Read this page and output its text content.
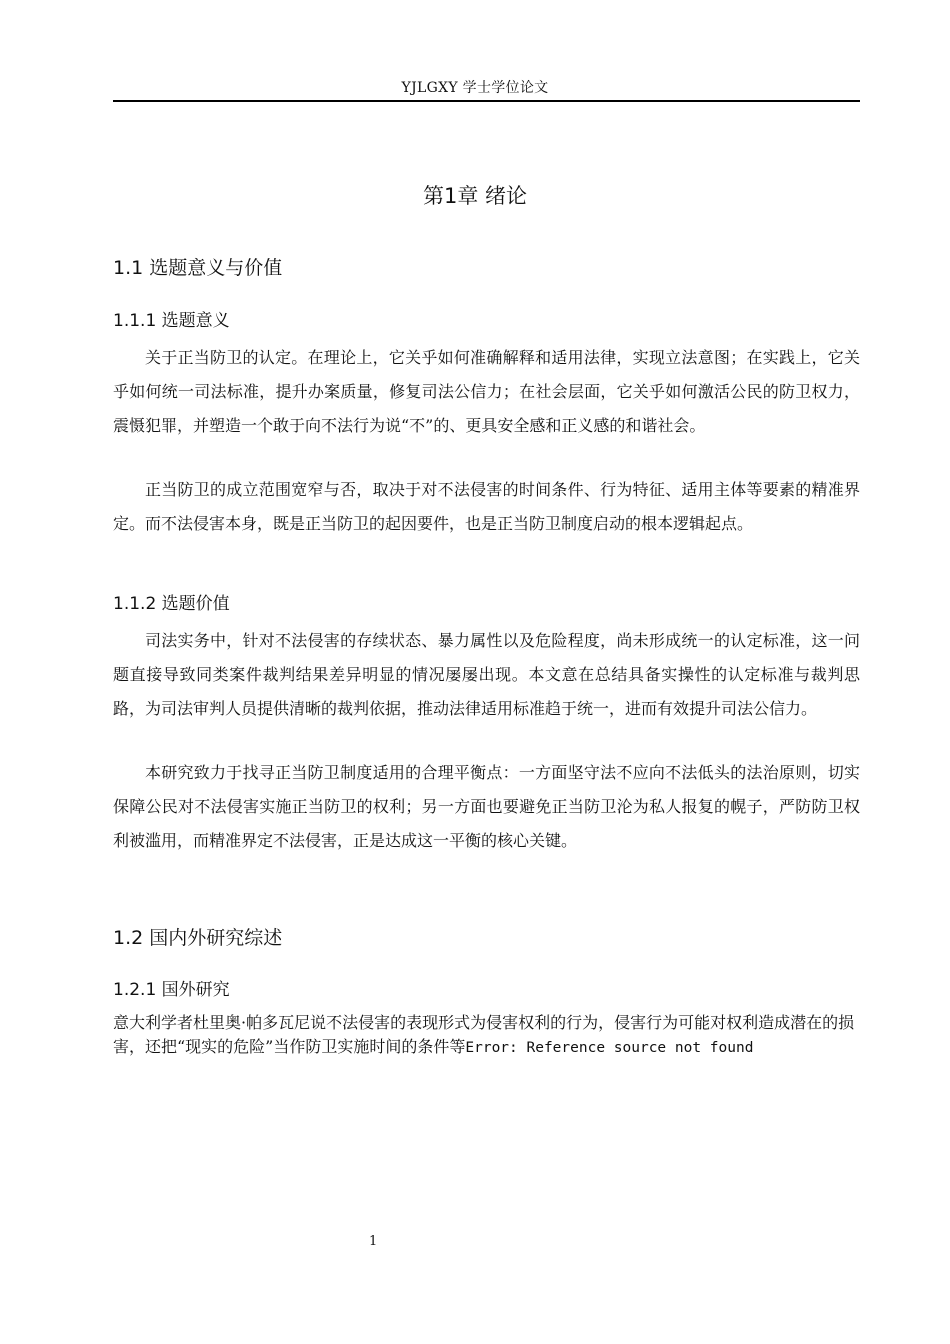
YJLGXY 学士学位论文
第1章 绪论
1.1 选题意义与价值
1.1.1 选题意义

关于正当防卫的认定。在理论上，它关乎如何准确解释和适用法律，实现立法意图；在实践上，它关乎如何统一司法标准，提升办案质量，修复司法公信力；在社会层面，它关乎如何激活公民的防卫权力，震慑犯罪，并塑造一个敢于向不法行为说“不”的、更具安全感和正义感的和谐社会。

正当防卫的成立范围宽窄与否，取决于对不法侵害的时间条件、行为特征、适用主体等要素的精准界定。而不法侵害本身，既是正当防卫的起因要件，也是正当防卫制度启动的根本逻辑起点。

1.1.2 选题价值

司法实务中，针对不法侵害的存续状态、暴力属性以及危险程度，尚未形成统一的认定标准，这一问题直接导致同类案件裁判结果差异明显的情况屡屡出现。本文意在总结具备实操性的认定标准与裁判思路，为司法审判人员提供清晰的裁判依据，推动法律适用标准趋于统一，进而有效提升司法公信力。

本研究致力于找寻正当防卫制度适用的合理平衡点：一方面坚守法不应向不法低头的法治原则，切实保障公民对不法侵害实施正当防卫的权利；另一方面也要避免正当防卫沦为私人报复的幌子，严防防卫权利被滥用，而精准界定不法侵害，正是达成这一平衡的核心关键。

1.2 国内外研究综述
1.2.1 国外研究

意大利学者杜里奥·帕多瓦尼说不法侵害的表现形式为侵害权利的行为，侵害行为可能对权利造成潜在的损害，还把“现实的危险”当作防卫实施时间的条件等Error: Reference source not found

1
